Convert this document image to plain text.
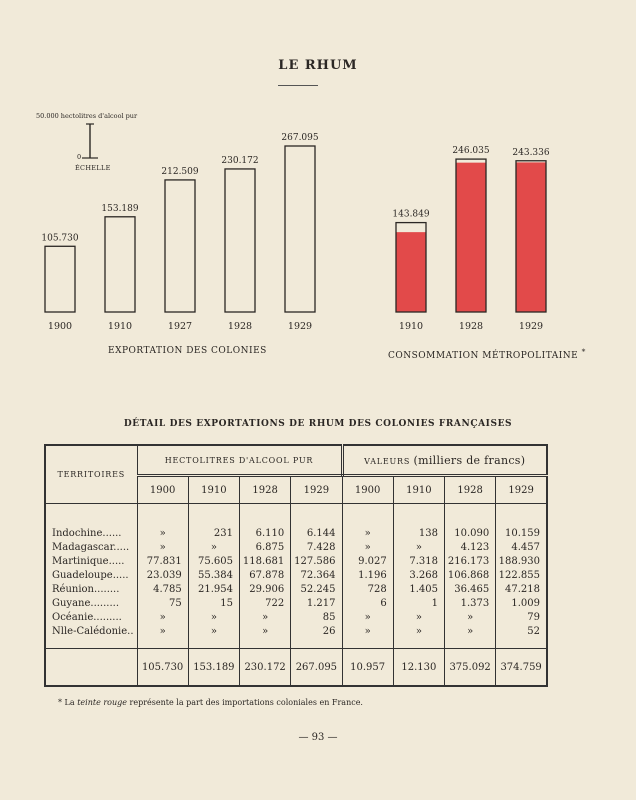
LE RHUM
50.000 hectolitres d'alcool pur
0
ÉCHELLE
105.730
1900
153.189
1910
212.509
1927
230.172
1928
267.095
1929
EXPORTATION DES COLONIES
143.849
1910
246.035
1928
243.336
1929
CONSOMMATION MÉTROPOLITAINE *
DÉTAIL DES EXPORTATIONS DE RHUM DES COLONIES FRANÇAISES
TERRITOIRES	HECTOLITRES D'ALCOOL PUR				VALEURS (milliers de francs)			
	1900	1910	1928	1929	1900	1910	1928	1929

Indochine......	»	231	6.110	6.144	»	138	10.090	10.159
Madagascar.....	»	»	6.875	7.428	»	»	4.123	4.457
Martinique.....	77.831	75.605	118.681	127.586	9.027	7.318	216.173	188.930
Guadeloupe.....	23.039	55.384	67.878	72.364	1.196	3.268	106.868	122.855
Réunion........	4.785	21.954	29.906	52.245	728	1.405	36.465	47.218
Guyane.........	75	15	722	1.217	6	1	1.373	1.009
Océanie.........	»	»	»	85	»	»	»	79
Nlle-Calédonie..	»	»	»	26	»	»	»	52

	105.730	153.189	230.172	267.095	10.957	12.130	375.092	374.759
* La teinte rouge représente la part des importations coloniales en France.
— 93 —
